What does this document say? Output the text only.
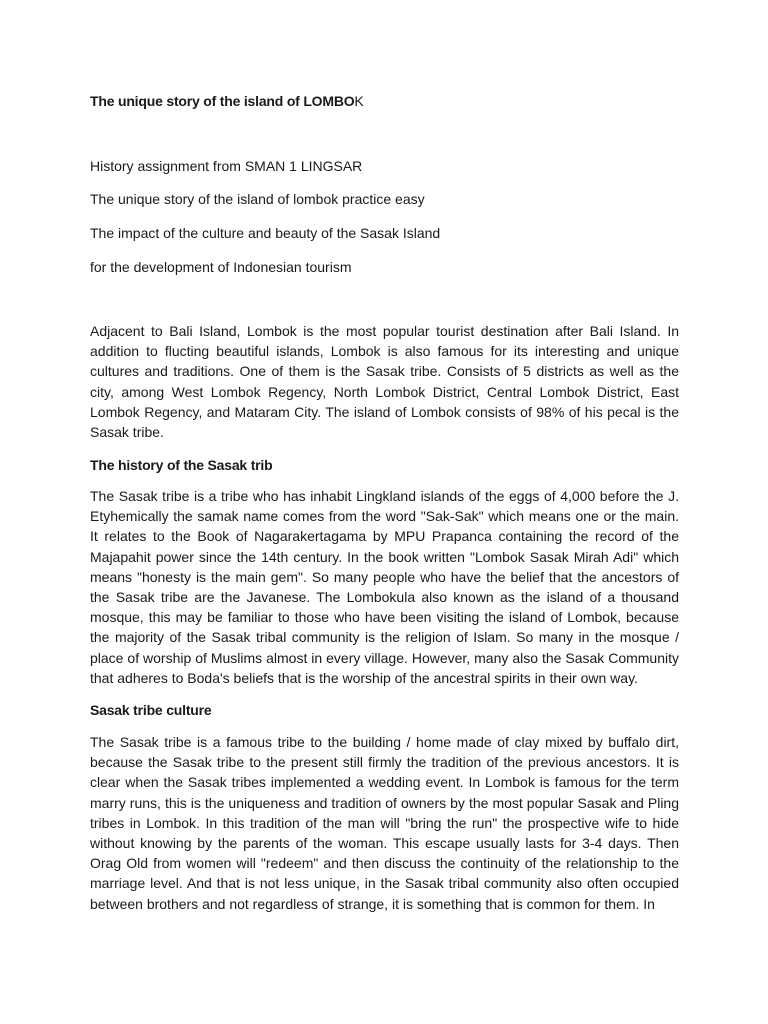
The unique story of the island of LOMBOK
History assignment from SMAN 1 LINGSAR
The unique story of the island of lombok practice easy
The impact of the culture and beauty of the Sasak Island
for the development of Indonesian tourism
Adjacent to Bali Island, Lombok is the most popular tourist destination after Bali Island. In addition to flucting beautiful islands, Lombok is also famous for its interesting and unique cultures and traditions. One of them is the Sasak tribe. Consists of 5 districts as well as the city, among West Lombok Regency, North Lombok District, Central Lombok District, East Lombok Regency, and Mataram City. The island of Lombok consists of 98% of his pecal is the Sasak tribe.
The history of the Sasak trib
The Sasak tribe is a tribe who has inhabit Lingkland islands of the eggs of 4,000 before the J. Etyhemically the samak name comes from the word "Sak-Sak" which means one or the main. It relates to the Book of Nagarakertagama by MPU Prapanca containing the record of the Majapahit power since the 14th century. In the book written "Lombok Sasak Mirah Adi" which means "honesty is the main gem". So many people who have the belief that the ancestors of the Sasak tribe are the Javanese. The Lombokula also known as the island of a thousand mosque, this may be familiar to those who have been visiting the island of Lombok, because the majority of the Sasak tribal community is the religion of Islam. So many in the mosque / place of worship of Muslims almost in every village. However, many also the Sasak Community that adheres to Boda's beliefs that is the worship of the ancestral spirits in their own way.
Sasak tribe culture
The Sasak tribe is a famous tribe to the building / home made of clay mixed by buffalo dirt, because the Sasak tribe to the present still firmly the tradition of the previous ancestors. It is clear when the Sasak tribes implemented a wedding event. In Lombok is famous for the term marry runs, this is the uniqueness and tradition of owners by the most popular Sasak and Pling tribes in Lombok. In this tradition of the man will "bring the run" the prospective wife to hide without knowing by the parents of the woman. This escape usually lasts for 3-4 days. Then Orag Old from women will "redeem" and then discuss the continuity of the relationship to the marriage level. And that is not less unique, in the Sasak tribal community also often occupied between brothers and not regardless of strange, it is something that is common for them. In
